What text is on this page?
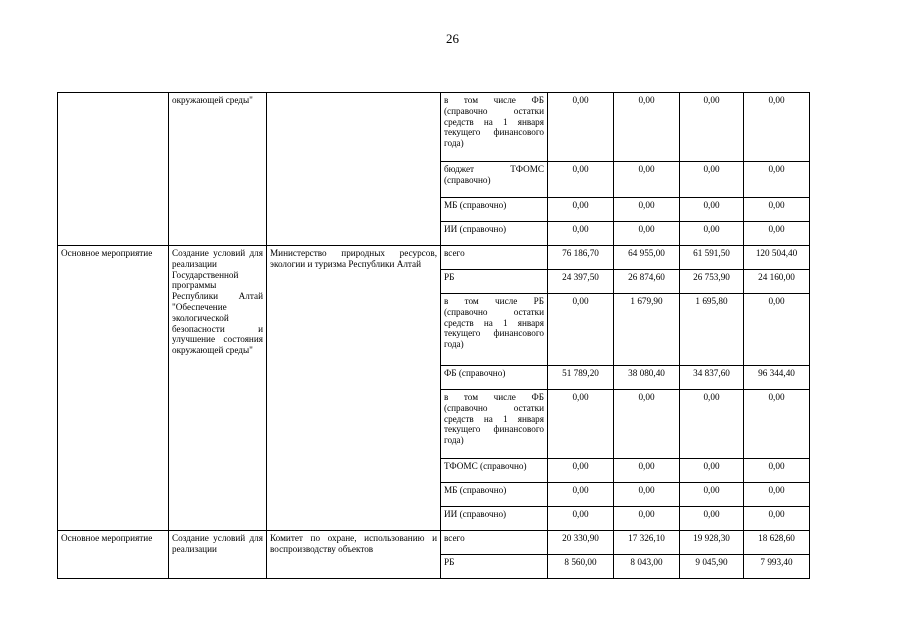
26
	окружающей среды"		в том числе ФБ (справочно остатки средств на 1 января текущего финансового года)	0,00	0,00	0,00	0,00
			бюджет ТФОМС (справочно)	0,00	0,00	0,00	0,00
			МБ (справочно)	0,00	0,00	0,00	0,00
			ИИ (справочно)	0,00	0,00	0,00	0,00
Основное мероприятие	Создание условий для реализации Государственной программы Республики Алтай "Обеспечение экологической безопасности и улучшение состояния окружающей среды"	Министерство природных ресурсов, экологии и туризма Республики Алтай	всего	76 186,70	64 955,00	61 591,50	120 504,40
			РБ	24 397,50	26 874,60	26 753,90	24 160,00
			в том числе РБ (справочно остатки средств на 1 января текущего финансового года)	0,00	1 679,90	1 695,80	0,00
			ФБ (справочно)	51 789,20	38 080,40	34 837,60	96 344,40
			в том числе ФБ (справочно остатки средств на 1 января текущего финансового года)	0,00	0,00	0,00	0,00
			ТФОМС (справочно)	0,00	0,00	0,00	0,00
			МБ (справочно)	0,00	0,00	0,00	0,00
			ИИ (справочно)	0,00	0,00	0,00	0,00
Основное мероприятие	Создание условий для реализации	Комитет по охране, использованию и воспроизводству объектов	всего	20 330,90	17 326,10	19 928,30	18 628,60
			РБ	8 560,00	8 043,00	9 045,90	7 993,40
